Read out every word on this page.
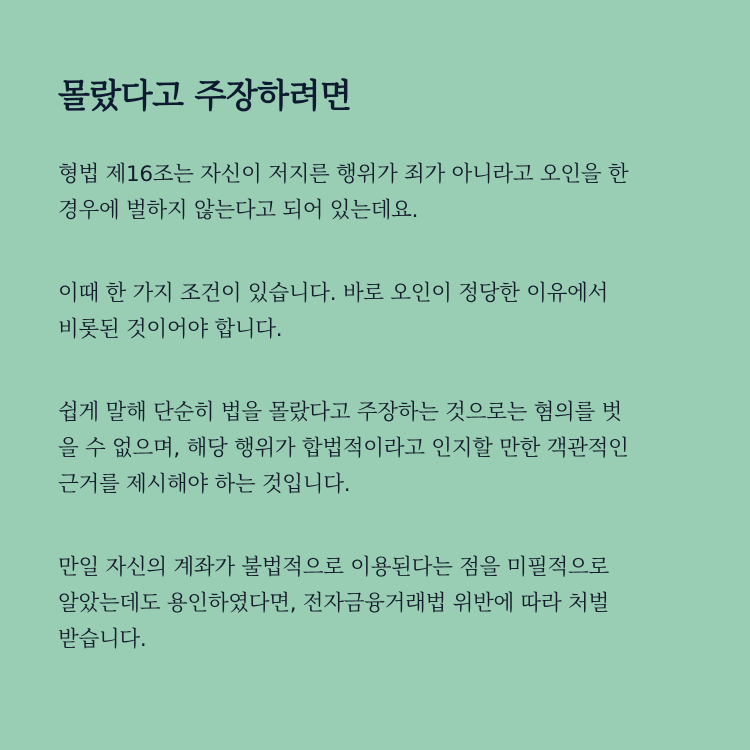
몰랐다고 주장하려면

형법 제16조는 자신이 저지른 행위가 죄가 아니라고 오인을 한
경우에 벌하지 않는다고 되어 있는데요.

이때 한 가지 조건이 있습니다. 바로 오인이 정당한 이유에서
비롯된 것이어야 합니다.

쉽게 말해 단순히 법을 몰랐다고 주장하는 것으로는 혐의를 벗
을 수 없으며, 해당 행위가 합법적이라고 인지할 만한 객관적인
근거를 제시해야 하는 것입니다.

만일 자신의 계좌가 불법적으로 이용된다는 점을 미필적으로
알았는데도 용인하였다면, 전자금융거래법 위반에 따라 처벌
받습니다.
